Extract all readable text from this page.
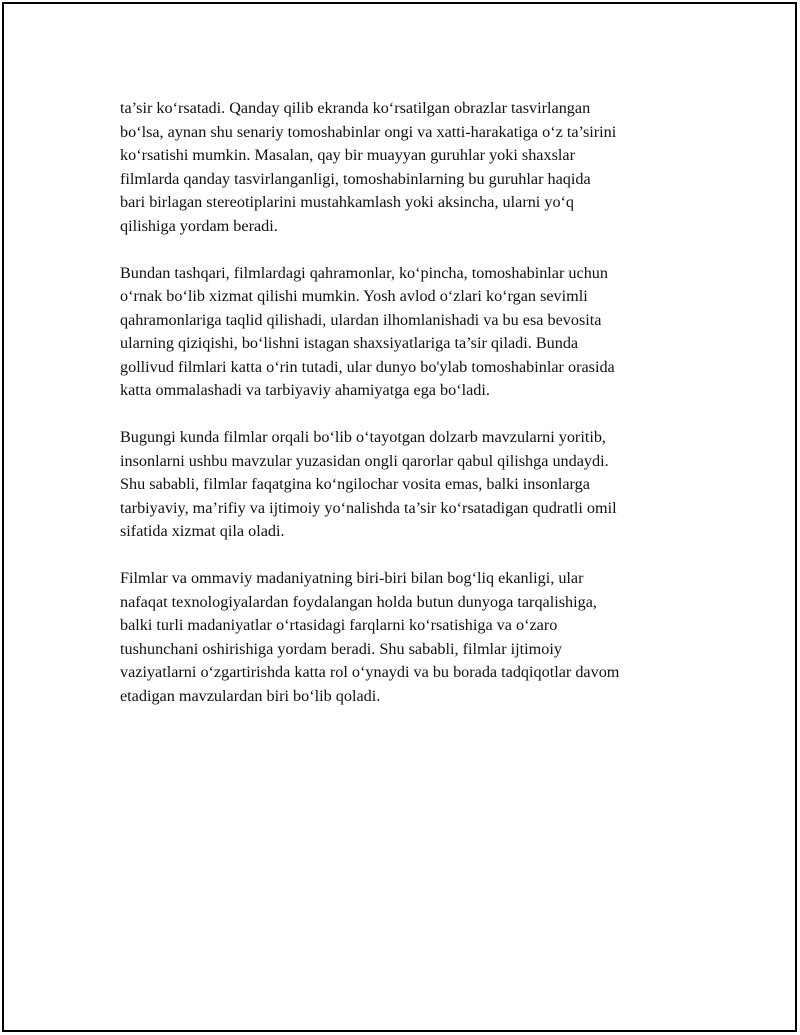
ta’sir ko‘rsatadi. Qanday qilib ekranda ko‘rsatilgan obrazlar tasvirlangan
bo‘lsa, aynan shu senariy tomoshabinlar ongi va xatti-harakatiga o‘z ta’sirini
ko‘rsatishi mumkin. Masalan, qay bir muayyan guruhlar yoki shaxslar
filmlarda qanday tasvirlanganligi, tomoshabinlarning bu guruhlar haqida
bari birlagan stereotiplarini mustahkamlash yoki aksincha, ularni yo‘q
qilishiga yordam beradi.
Bundan tashqari, filmlardagi qahramonlar, ko‘pincha, tomoshabinlar uchun
o‘rnak bo‘lib xizmat qilishi mumkin. Yosh avlod o‘zlari ko‘rgan sevimli
qahramonlariga taqlid qilishadi, ulardan ilhomlanishadi va bu esa bevosita
ularning qiziqishi, bo‘lishni istagan shaxsiyatlariga ta’sir qiladi. Bunda
gollivud filmlari katta o‘rin tutadi, ular dunyo bo'ylab tomoshabinlar orasida
katta ommalashadi va tarbiyaviy ahamiyatga ega bo‘ladi.
Bugungi kunda filmlar orqali bo‘lib o‘tayotgan dolzarb mavzularni yoritib,
insonlarni ushbu mavzular yuzasidan ongli qarorlar qabul qilishga undaydi.
Shu sababli, filmlar faqatgina ko‘ngilochar vosita emas, balki insonlarga
tarbiyaviy, ma’rifiy va ijtimoiy yo‘nalishda ta’sir ko‘rsatadigan qudratli omil
sifatida xizmat qila oladi.
Filmlar va ommaviy madaniyatning biri-biri bilan bog‘liq ekanligi, ular
nafaqat texnologiyalardan foydalangan holda butun dunyoga tarqalishiga,
balki turli madaniyatlar o‘rtasidagi farqlarni ko‘rsatishiga va o‘zaro
tushunchani oshirishiga yordam beradi. Shu sababli, filmlar ijtimoiy
vaziyatlarni o‘zgartirishda katta rol o‘ynaydi va bu borada tadqiqotlar davom
etadigan mavzulardan biri bo‘lib qoladi.
